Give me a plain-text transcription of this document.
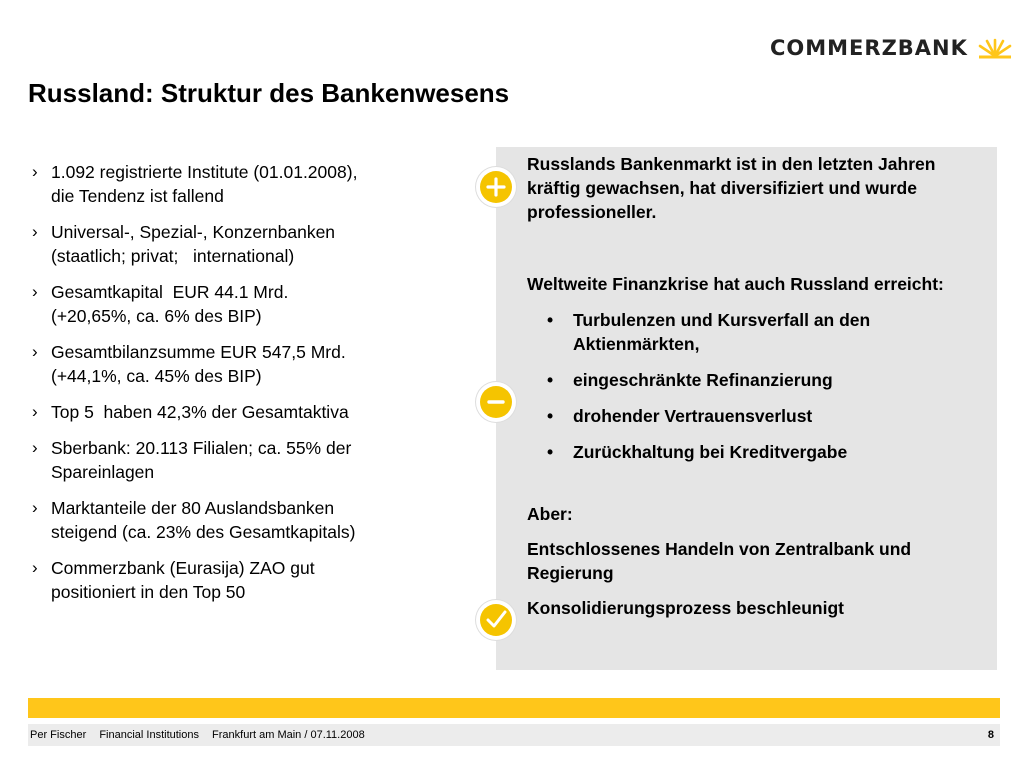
COMMERZBANK
Russland: Struktur des Bankenwesens
› 1.092 registrierte Institute (01.01.2008),
die Tendenz ist fallend
› Universal-, Spezial-, Konzernbanken
(staatlich; privat;   international)
› Gesamtkapital  EUR 44.1 Mrd.
(+20,65%, ca. 6% des BIP)
› Gesamtbilanzsumme EUR 547,5 Mrd.
(+44,1%, ca. 45% des BIP)
› Top 5  haben 42,3% der Gesamtaktiva
› Sberbank: 20.113 Filialen; ca. 55% der
Spareinlagen
› Marktanteile der 80 Auslandsbanken
steigend (ca. 23% des Gesamtkapitals)
› Commerzbank (Eurasija) ZAO gut
positioniert in den Top 50

Russlands Bankenmarkt ist in den letzten Jahren kräftig gewachsen, hat diversifiziert und wurde professioneller.

Weltweite Finanzkrise hat auch Russland erreicht:

• Turbulenzen und Kursverfall an den Aktienmärkten,
• eingeschränkte Refinanzierung
• drohender Vertrauensverlust
• Zurückhaltung bei Kreditvergabe

Aber:

Entschlossenes Handeln von Zentralbank und Regierung

Konsolidierungsprozess beschleunigt

Per Fischer Financial Institutions Frankfurt am Main / 07.11.2008	8
